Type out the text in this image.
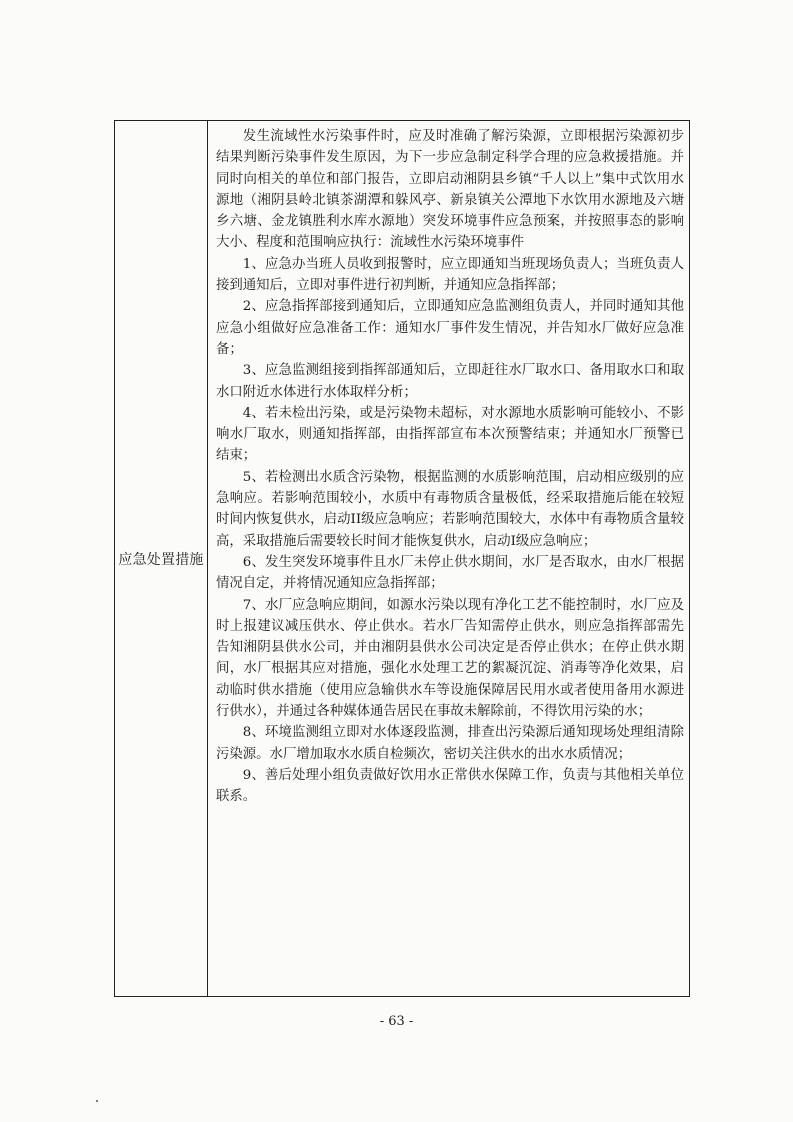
应急处置措施	

发生流域性水污染事件时，应及时准确了解污染源，立即根据污染源初步结果判断污染事件发生原因，为下一步应急制定科学合理的应急救援措施。并同时向相关的单位和部门报告，立即启动湘阴县乡镇“千人以上”集中式饮用水源地（湘阴县岭北镇茶湖潭和躲风亭、新泉镇关公潭地下水饮用水源地及六塘乡六塘、金龙镇胜利水库水源地）突发环境事件应急预案，并按照事态的影响大小、程度和范围响应执行：流域性水污染环境事件

1、应急办当班人员收到报警时，应立即通知当班现场负责人；当班负责人接到通知后，立即对事件进行初判断，并通知应急指挥部；

2、应急指挥部接到通知后，立即通知应急监测组负责人，并同时通知其他应急小组做好应急准备工作：通知水厂事件发生情况，并告知水厂做好应急准备；

3、应急监测组接到指挥部通知后，立即赶往水厂取水口、备用取水口和取水口附近水体进行水体取样分析；

4、若未检出污染，或是污染物未超标，对水源地水质影响可能较小、不影响水厂取水，则通知指挥部，由指挥部宣布本次预警结束；并通知水厂预警已结束；

5、若检测出水质含污染物，根据监测的水质影响范围，启动相应级别的应急响应。若影响范围较小，水质中有毒物质含量极低，经采取措施后能在较短时间内恢复供水，启动II级应急响应；若影响范围较大，水体中有毒物质含量较高，采取措施后需要较长时间才能恢复供水，启动I级应急响应；

6、发生突发环境事件且水厂未停止供水期间，水厂是否取水，由水厂根据情况自定，并将情况通知应急指挥部；

7、水厂应急响应期间，如源水污染以现有净化工艺不能控制时，水厂应及时上报建议减压供水、停止供水。若水厂告知需停止供水，则应急指挥部需先告知湘阴县供水公司，并由湘阴县供水公司决定是否停止供水；在停止供水期间，水厂根据其应对措施，强化水处理工艺的絮凝沉淀、消毒等净化效果，启动临时供水措施（使用应急输供水车等设施保障居民用水或者使用备用水源进行供水），并通过各种媒体通告居民在事故未解除前，不得饮用污染的水；

8、环境监测组立即对水体逐段监测，排查出污染源后通知现场处理组清除污染源。水厂增加取水水质自检频次，密切关注供水的出水水质情况；

9、善后处理小组负责做好饮用水正常供水保障工作，负责与其他相关单位联系。

- 63 -
